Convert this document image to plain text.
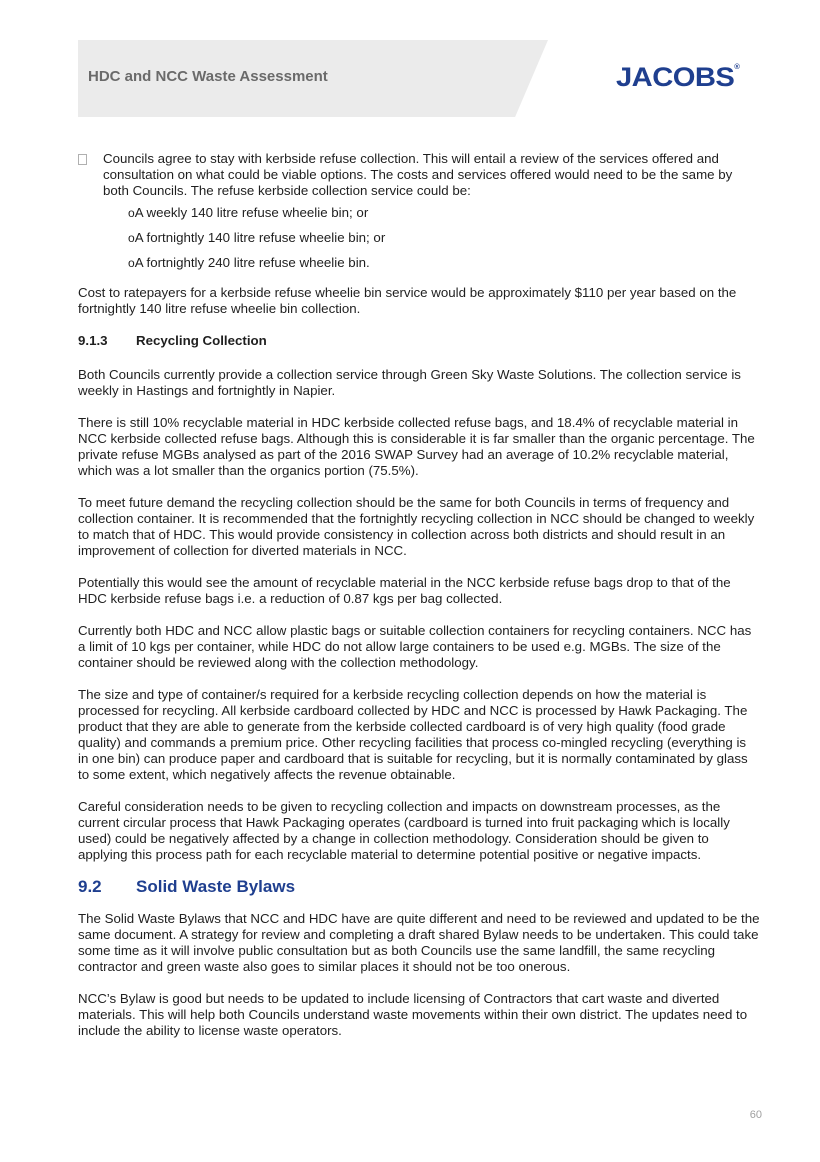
HDC and NCC Waste Assessment	JACOBS®

Councils agree to stay with kerbside refuse collection. This will entail a review of the services offered and consultation on what could be viable options. The costs and services offered would need to be the same by both Councils. The refuse kerbside collection service could be:

oA weekly 140 litre refuse wheelie bin; or
oA fortnightly 140 litre refuse wheelie bin; or
oA fortnightly 240 litre refuse wheelie bin.

Cost to ratepayers for a kerbside refuse wheelie bin service would be approximately $110 per year based on the fortnightly 140 litre refuse wheelie bin collection.

9.1.3 Recycling Collection

Both Councils currently provide a collection service through Green Sky Waste Solutions. The collection service is weekly in Hastings and fortnightly in Napier.

There is still 10% recyclable material in HDC kerbside collected refuse bags, and 18.4% of recyclable material in NCC kerbside collected refuse bags. Although this is considerable it is far smaller than the organic percentage. The private refuse MGBs analysed as part of the 2016 SWAP Survey had an average of 10.2% recyclable material, which was a lot smaller than the organics portion (75.5%).

To meet future demand the recycling collection should be the same for both Councils in terms of frequency and collection container. It is recommended that the fortnightly recycling collection in NCC should be changed to weekly to match that of HDC. This would provide consistency in collection across both districts and should result in an improvement of collection for diverted materials in NCC.

Potentially this would see the amount of recyclable material in the NCC kerbside refuse bags drop to that of the HDC kerbside refuse bags i.e. a reduction of 0.87 kgs per bag collected.

Currently both HDC and NCC allow plastic bags or suitable collection containers for recycling containers. NCC has a limit of 10 kgs per container, while HDC do not allow large containers to be used e.g. MGBs. The size of the container should be reviewed along with the collection methodology.

The size and type of container/s required for a kerbside recycling collection depends on how the material is processed for recycling. All kerbside cardboard collected by HDC and NCC is processed by Hawk Packaging. The product that they are able to generate from the kerbside collected cardboard is of very high quality (food grade quality) and commands a premium price. Other recycling facilities that process co-mingled recycling (everything is in one bin) can produce paper and cardboard that is suitable for recycling, but it is normally contaminated by glass to some extent, which negatively affects the revenue obtainable.

Careful consideration needs to be given to recycling collection and impacts on downstream processes, as the current circular process that Hawk Packaging operates (cardboard is turned into fruit packaging which is locally used) could be negatively affected by a change in collection methodology. Consideration should be given to applying this process path for each recyclable material to determine potential positive or negative impacts.

9.2 Solid Waste Bylaws

The Solid Waste Bylaws that NCC and HDC have are quite different and need to be reviewed and updated to be the same document. A strategy for review and completing a draft shared Bylaw needs to be undertaken. This could take some time as it will involve public consultation but as both Councils use the same landfill, the same recycling contractor and green waste also goes to similar places it should not be too onerous.

NCC’s Bylaw is good but needs to be updated to include licensing of Contractors that cart waste and diverted materials. This will help both Councils understand waste movements within their own district. The updates need to include the ability to license waste operators.

60
